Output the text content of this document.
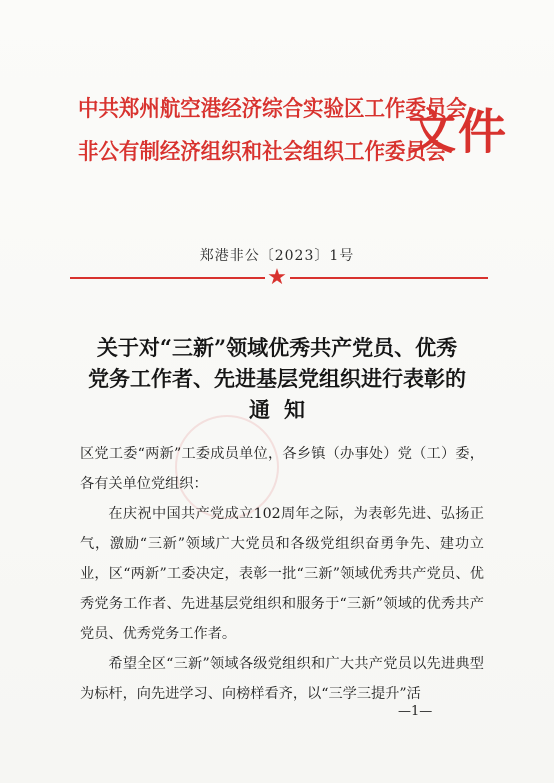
中共郑州航空港经济综合实验区工作委员会
非公有制经济组织和社会组织工作委员会
文件
郑港非公〔2023〕1号
★
关于对“三新”领域优秀共产党员、优秀
党务工作者、先进基层党组织进行表彰的
通知

区党工委“两新”工委成员单位，各乡镇（办事处）党（工）委，各有关单位党组织：

在庆祝中国共产党成立102周年之际，为表彰先进、弘扬正气，激励“三新”领域广大党员和各级党组织奋勇争先、建功立业，区“两新”工委决定，表彰一批“三新”领域优秀共产党员、优秀党务工作者、先进基层党组织和服务于“三新”领域的优秀共产党员、优秀党务工作者。

希望全区“三新”领域各级党组织和广大共产党员以先进典型为标杆，向先进学习、向榜样看齐，以“三学三提升”活

—1—
